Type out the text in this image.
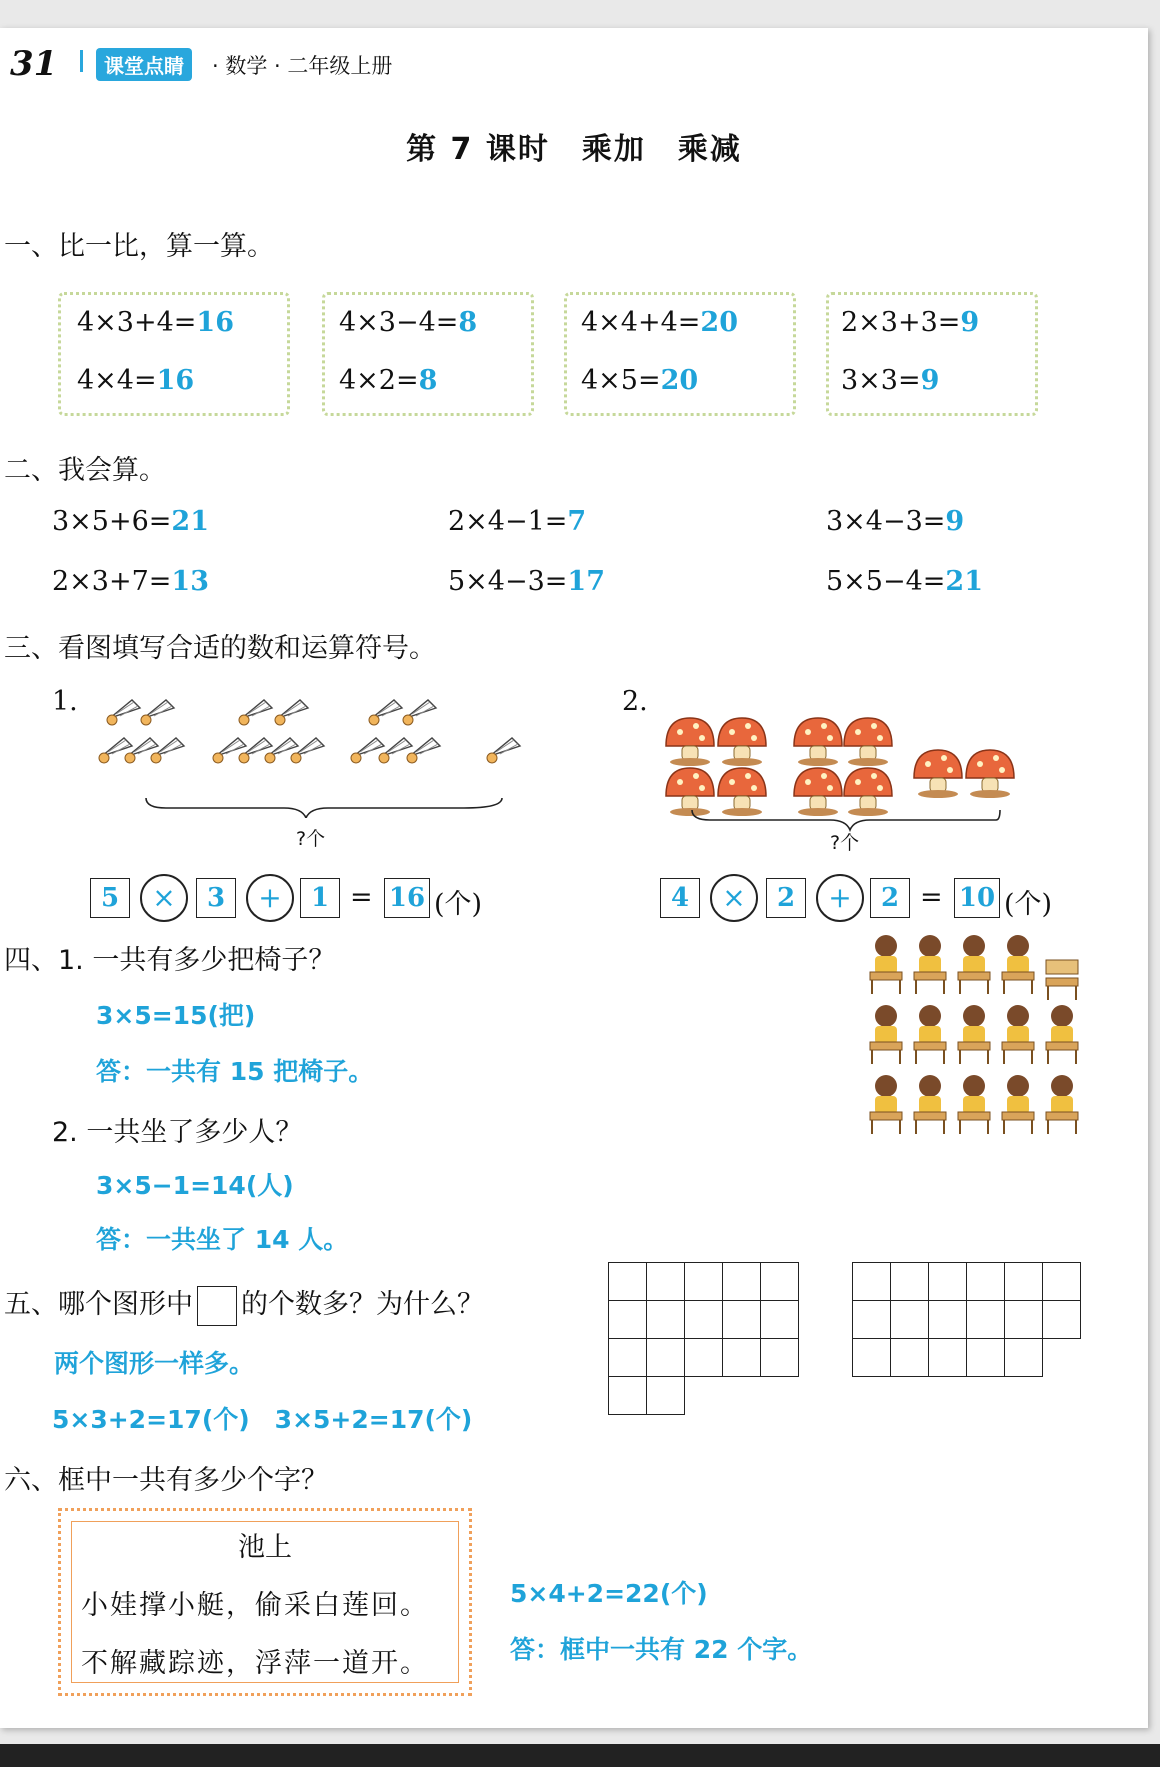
31	课堂点睛	· 数学 · 二年级上册
第 7 课时　乘加　乘减
一、比一比，算一算。
4×3+4=16
4×4=16
4×3−4=8
4×2=8
4×4+4=20
4×5=20
2×3+3=9
3×3=9
二、我会算。
3×5+6=21	2×4−1=7	3×4−3=9
2×3+7=13	5×4−3=17	5×5−4=21
三、看图填写合适的数和运算符号。
1.
?个
5	×	3	+	1 = 16 (个)
2.
?个
4	×	2	+	2 = 10 (个)
四、1. 一共有多少把椅子？
3×5=15(把)
答：一共有 15 把椅子。
2. 一共坐了多少人？
3×5−1=14(人)
答：一共坐了 14 人。
五、哪个图形中 的个数多？为什么？
两个图形一样多。
5×3+2=17(个)　3×5+2=17(个)

六、框中一共有多少个字？
池上
小娃撑小艇，偷采白莲回。
不解藏踪迹，浮萍一道开。
5×4+2=22(个)
答：框中一共有 22 个字。
